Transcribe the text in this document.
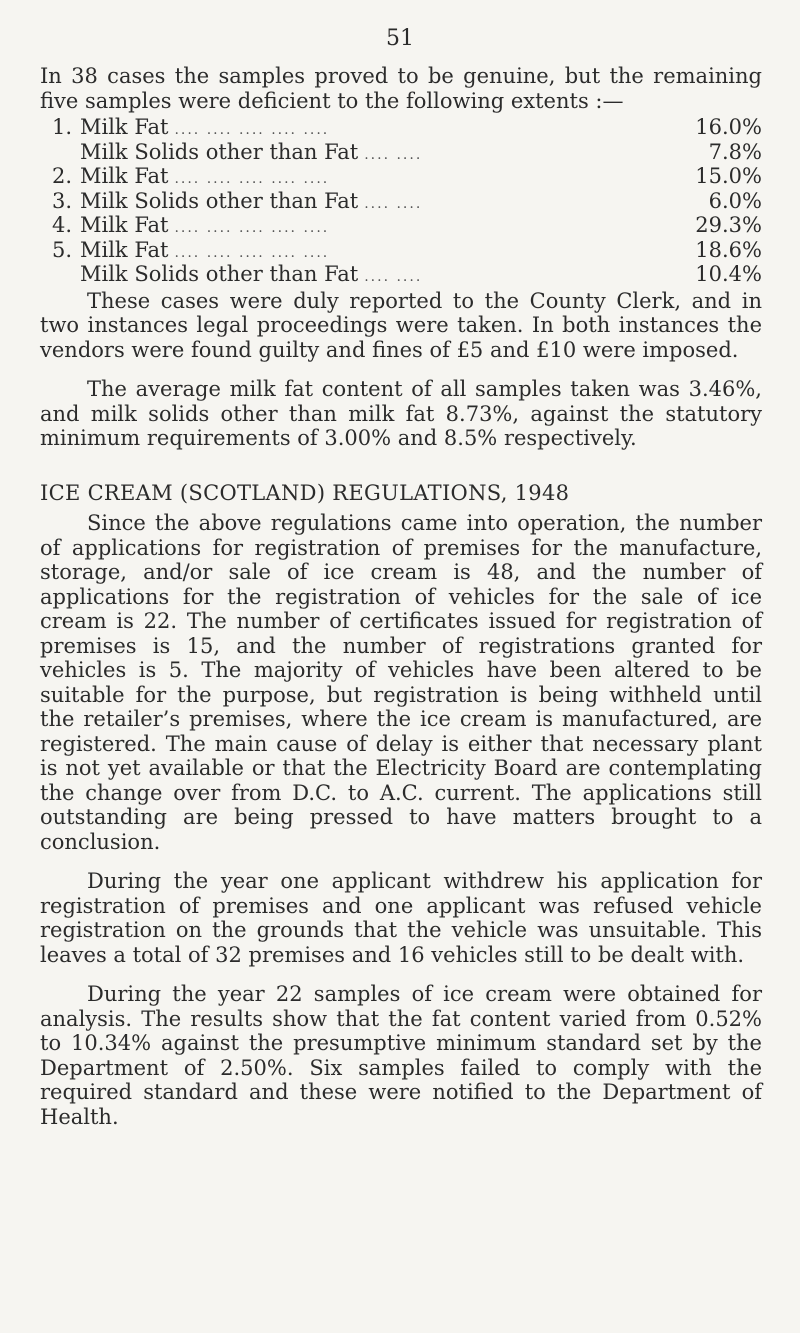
51

In 38 cases the samples proved to be genuine, but the remaining five samples were deficient to the following extents :—

1. Milk Fat .... .... .... .... ....	16.0%
Milk Solids other than Fat .... ....	7.8%
2. Milk Fat .... .... .... .... ....	15.0%
3. Milk Solids other than Fat .... ....	6.0%
4. Milk Fat .... .... .... .... ....	29.3%
5. Milk Fat .... .... .... .... ....	18.6%
Milk Solids other than Fat .... ....	10.4%

These cases were duly reported to the County Clerk, and in two instances legal proceedings were taken. In both instances the vendors were found guilty and fines of £5 and £10 were imposed.

The average milk fat content of all samples taken was 3.46%, and milk solids other than milk fat 8.73%, against the statutory minimum requirements of 3.00% and 8.5% respectively.

ICE CREAM (SCOTLAND) REGULATIONS, 1948

Since the above regulations came into operation, the number of applications for registration of premises for the manufacture, storage, and/or sale of ice cream is 48, and the number of applications for the registration of vehicles for the sale of ice cream is 22. The number of certificates issued for registration of premises is 15, and the number of registrations granted for vehicles is 5. The majority of vehicles have been altered to be suitable for the purpose, but registration is being withheld until the retailer’s premises, where the ice cream is manufactured, are registered. The main cause of delay is either that necessary plant is not yet available or that the Electricity Board are contemplating the change over from D.C. to A.C. current. The applications still outstanding are being pressed to have matters brought to a conclusion.

During the year one applicant withdrew his application for registration of premises and one applicant was refused vehicle registration on the grounds that the vehicle was unsuitable. This leaves a total of 32 premises and 16 vehicles still to be dealt with.

During the year 22 samples of ice cream were obtained for analysis. The results show that the fat content varied from 0.52% to 10.34% against the presumptive minimum standard set by the Department of 2.50%. Six samples failed to comply with the required standard and these were notified to the Department of Health.
